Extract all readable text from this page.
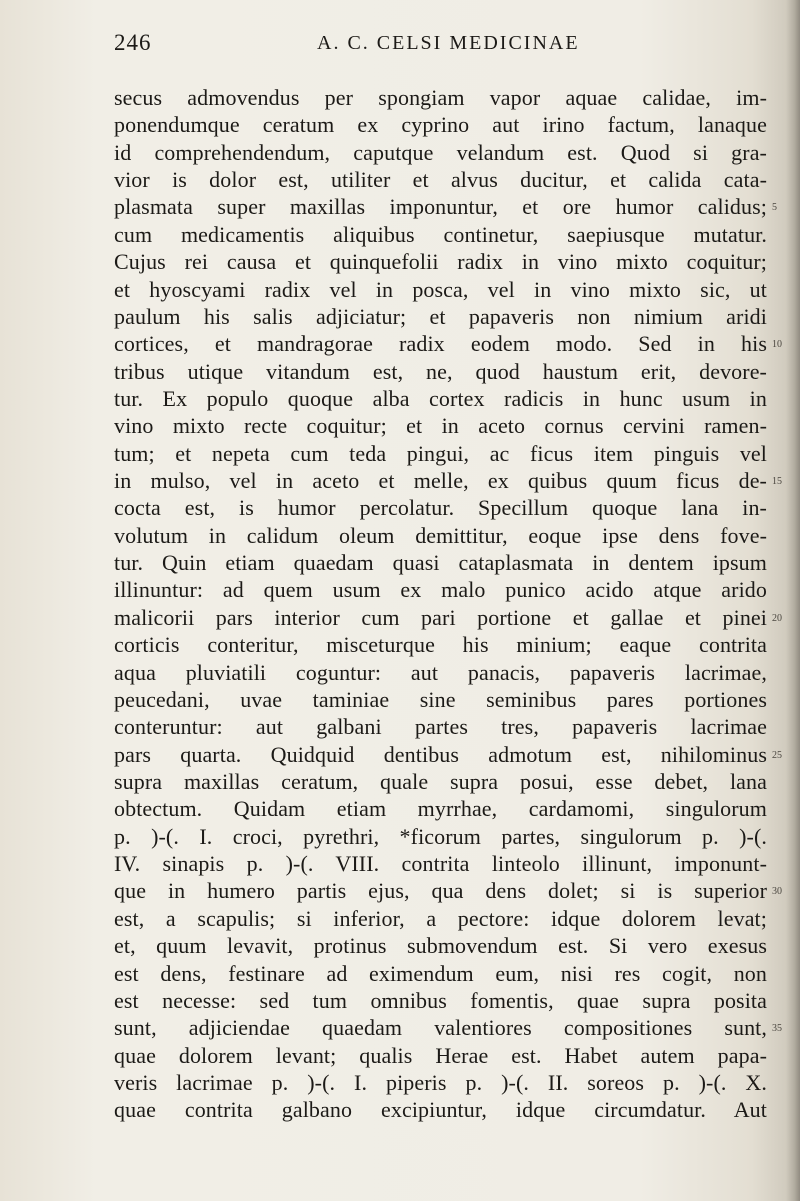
246	A. C. CELSI MEDICINAE
secus admovendus per spongiam vapor aquae calidae, im-
ponendumque ceratum ex cyprino aut irino factum, lanaque
id comprehendendum, caputque velandum est. Quod si gra-
vior is dolor est, utiliter et alvus ducitur, et calida cata-
plasmata super maxillas imponuntur, et ore humor calidus;
cum medicamentis aliquibus continetur, saepiusque mutatur.
Cujus rei causa et quinquefolii radix in vino mixto coquitur;
et hyoscyami radix vel in posca, vel in vino mixto sic, ut
paulum his salis adjiciatur; et papaveris non nimium aridi
cortices, et mandragorae radix eodem modo. Sed in his
tribus utique vitandum est, ne, quod haustum erit, devore-
tur. Ex populo quoque alba cortex radicis in hunc usum in
vino mixto recte coquitur; et in aceto cornus cervini ramen-
tum; et nepeta cum teda pingui, ac ficus item pinguis vel
in mulso, vel in aceto et melle, ex quibus quum ficus de-
cocta est, is humor percolatur. Specillum quoque lana in-
volutum in calidum oleum demittitur, eoque ipse dens fove-
tur. Quin etiam quaedam quasi cataplasmata in dentem ipsum
illinuntur: ad quem usum ex malo punico acido atque arido
malicorii pars interior cum pari portione et gallae et pinei
corticis conteritur, misceturque his minium; eaque contrita
aqua pluviatili coguntur: aut panacis, papaveris lacrimae,
peucedani, uvae taminiae sine seminibus pares portiones
conteruntur: aut galbani partes tres, papaveris lacrimae
pars quarta. Quidquid dentibus admotum est, nihilominus
supra maxillas ceratum, quale supra posui, esse debet, lana
obtectum. Quidam etiam myrrhae, cardamomi, singulorum
p. )-(. I. croci, pyrethri, *ficorum partes, singulorum p. )-(.
IV. sinapis p. )-(. VIII. contrita linteolo illinunt, imponunt-
que in humero partis ejus, qua dens dolet; si is superior
est, a scapulis; si inferior, a pectore: idque dolorem levat;
et, quum levavit, protinus submovendum est. Si vero exesus
est dens, festinare ad eximendum eum, nisi res cogit, non
est necesse: sed tum omnibus fomentis, quae supra posita
sunt, adjiciendae quaedam valentiores compositiones sunt,
quae dolorem levant; qualis Herae est. Habet autem papa-
veris lacrimae p. )-(. I. piperis p. )-(. II. soreos p. )-(. X.
quae contrita galbano excipiuntur, idque circumdatur. Aut
5
10
15
20
25
30
35
